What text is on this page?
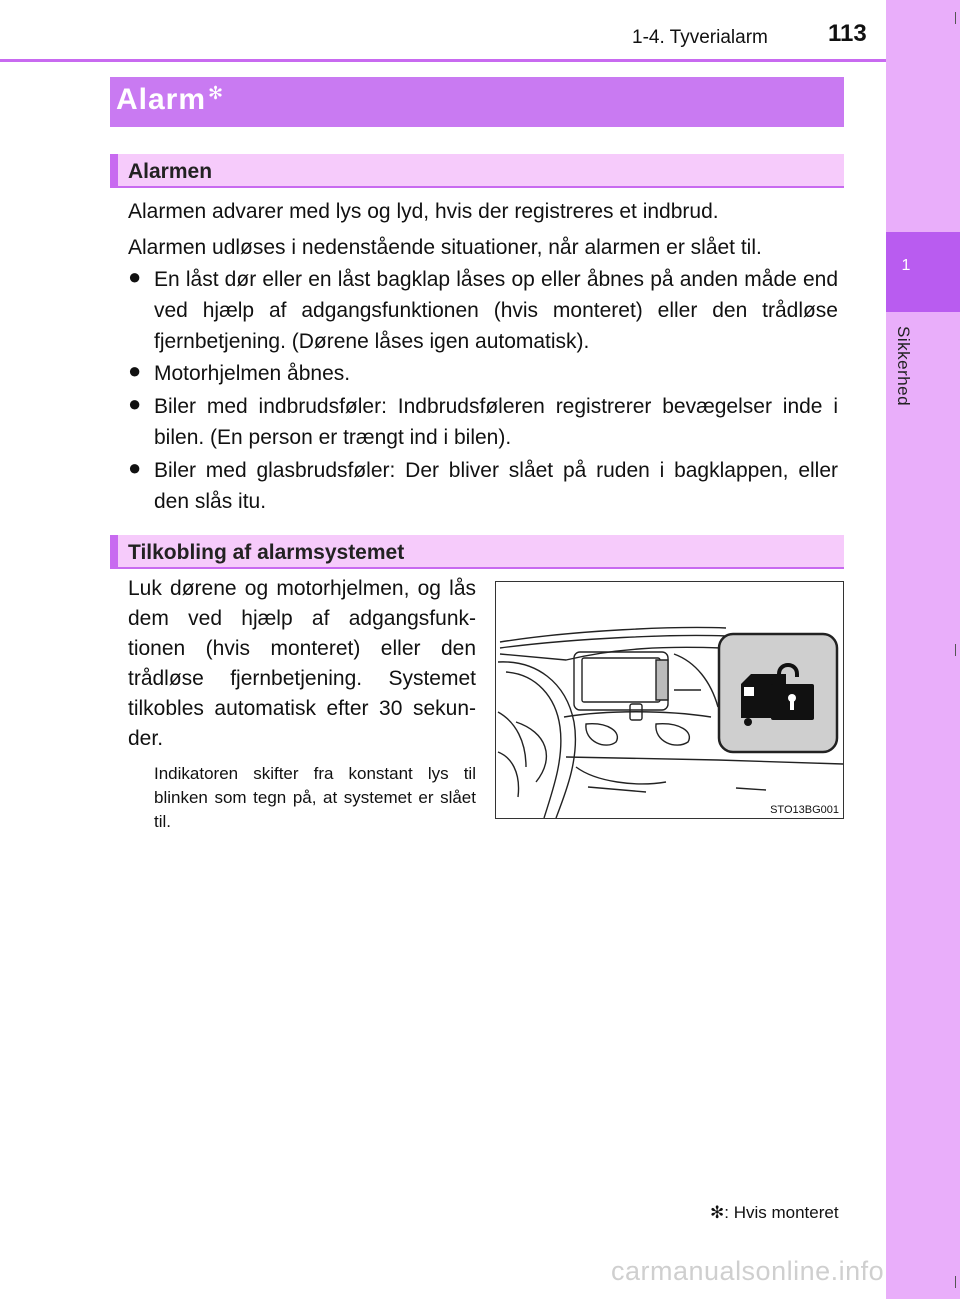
1
Sikkerhed
1-4. Tyverialarm	113
Alarm ✻
Alarmen
Alarmen advarer med lys og lyd, hvis der registreres et indbrud.
Alarmen udløses i nedenstående situationer, når alarmen er slået til.
● En låst dør eller en låst bagklap låses op eller åbnes på anden måde end ved hjælp af adgangsfunktionen (hvis monteret) eller den trådløse fjernbetjening. (Dørene låses igen automatisk).
● Motorhjelmen åbnes.
● Biler med indbrudsføler: Indbrudsføleren registrerer bevægelser inde i bilen. (En person er trængt ind i bilen).
● Biler med glasbrudsføler: Der bliver slået på ruden i bagklappen, eller den slås itu.
Tilkobling af alarmsystemet
Luk dørene og motorhjelmen, og lås dem ved hjælp af adgangsfunk-tionen (hvis monteret) eller den trådløse fjernbetjening. Systemet tilkobles automatisk efter 30 sekun-der.
Indikatoren skifter fra konstant lys til blinken som tegn på, at systemet er slået til.
STO13BG001
✻: Hvis monteret
carmanualsonline.info
